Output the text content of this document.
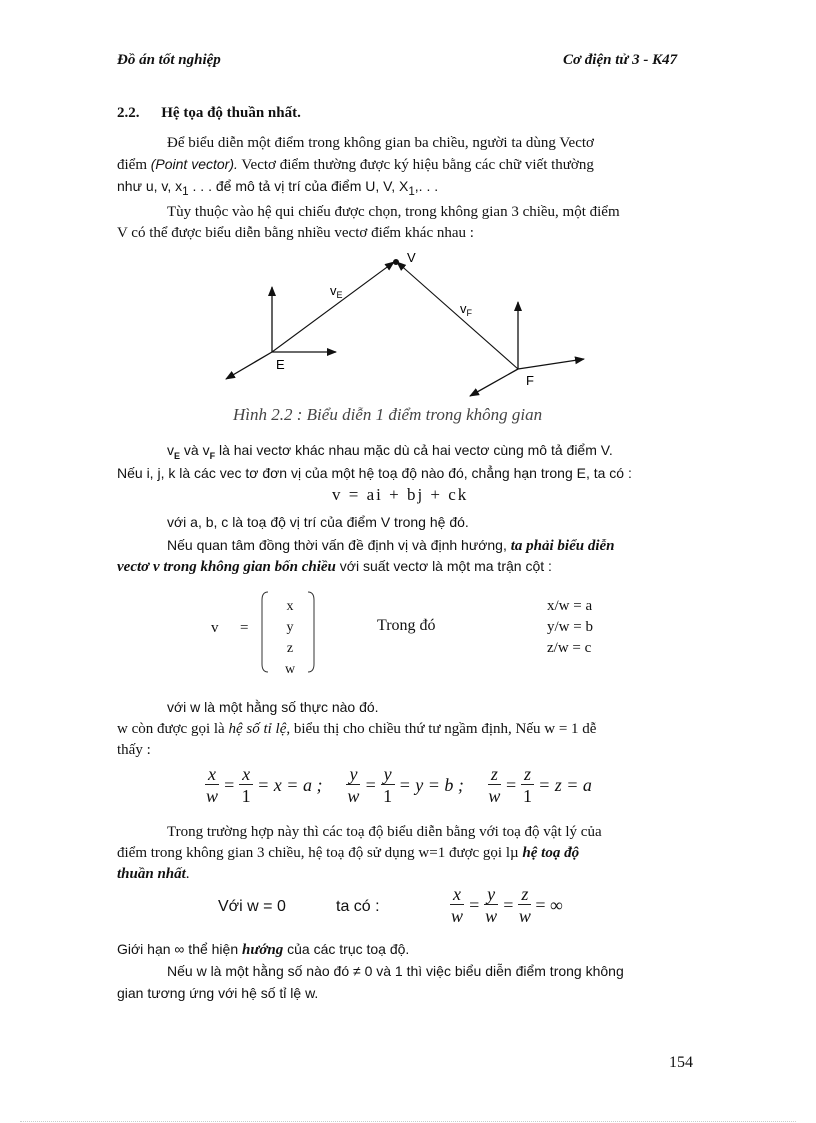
Đồ án tốt nghiệp	Cơ điện tử 3 - K47
2.2. Hệ tọa độ thuần nhất.
Để biểu diễn một điểm trong không gian ba chiều, người ta dùng Vectơ
điểm (Point vector). Vectơ điểm thường được ký hiệu bằng các chữ viết thường
như u, v, $x_1$ . . . để mô tả vị trí của điểm U, V, $X_1$,. . .
Tùy thuộc vào hệ qui chiếu được chọn, trong không gian 3 chiều, một điểm
V có thể được biểu diễn bằng nhiều vectơ điểm khác nhau :
V
E
F
$v_E$
$v_F$
Hình 2.2 : Biểu diễn 1 điểm trong không gian
$v_E$ và $v_F$ là hai vectơ khác nhau mặc dù cả hai vectơ cùng mô tả điểm V.
Nếu i, j, k là các vec tơ đơn vị của một hệ toạ độ nào đó, chẳng hạn trong E, ta có :
v = ai + bj + ck
với a, b, c là toạ độ vị trí của điểm V trong hệ đó.
Nếu quan tâm đồng thời vấn đề định vị và định hướng, ta phải biểu diễn
vectơ v trong không gian bốn chiều với suất vectơ là một ma trận cột :
v =
x
y
z
w
Trong đó
x/w = a
y/w = b
z/w = c
với w là một hằng số thực nào đó.
w còn được gọi là hệ số tỉ lệ, biểu thị cho chiều thứ tư ngầm định, Nếu w = 1 dễ
thấy :
$\frac{x}{w} = \frac{x}{1} = x = a$ ; $\frac{y}{w} = \frac{y}{1} = y = b$ ; $\frac{z}{w} = \frac{z}{1} = z = a$
Trong trường hợp này thì các toạ độ biểu diễn bằng với toạ độ vật lý của
điểm trong không gian 3 chiều, hệ toạ độ sử dụng w=1 được gọi lµ hệ toạ độ
thuần nhất.
Với w = 0	ta có :	$\frac{x}{w} = \frac{y}{w} = \frac{z}{w}$ = ∞
Giới hạn ∞ thể hiện hướng của các trục toạ độ.
Nếu w là một hằng số nào đó ≠ 0 và 1 thì việc biểu diễn điểm trong không
gian tương ứng với hệ số tỉ lệ w.
154
